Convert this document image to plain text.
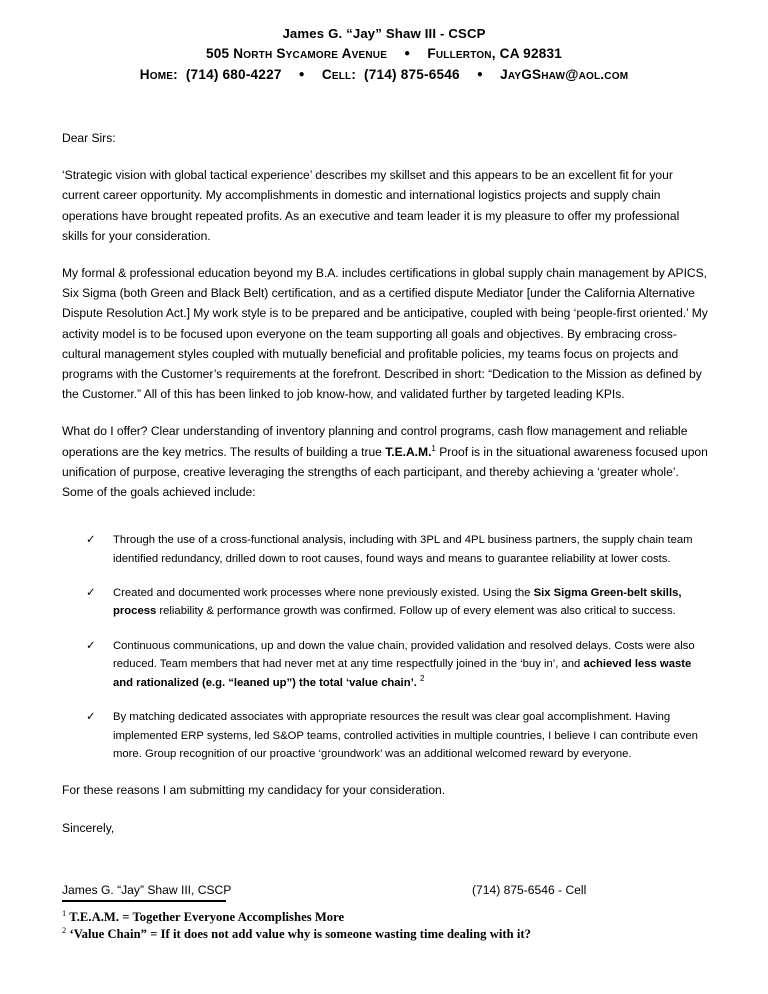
James G. “Jay” Shaw III - CSCP
505 North Sycamore Avenue ● Fullerton, CA 92831
Home: (714) 680-4227 ● Cell: (714) 875-6546 ● JayGShaw@aol.com

Dear Sirs:

‘Strategic vision with global tactical experience’ describes my skillset and this appears to be an excellent fit for your current career opportunity. My accomplishments in domestic and international logistics projects and supply chain operations have brought repeated profits. As an executive and team leader it is my pleasure to offer my professional skills for your consideration.

My formal & professional education beyond my B.A. includes certifications in global supply chain management by APICS, Six Sigma (both Green and Black Belt) certification, and as a certified dispute Mediator [under the California Alternative Dispute Resolution Act.] My work style is to be prepared and be anticipative, coupled with being ‘people-first oriented.’ My activity model is to be focused upon everyone on the team supporting all goals and objectives. By embracing cross-cultural management styles coupled with mutually beneficial and profitable policies, my teams focus on projects and programs with the Customer’s requirements at the forefront. Described in short: “Dedication to the Mission as defined by the Customer.” All of this has been linked to job know-how, and validated further by targeted leading KPIs.

What do I offer? Clear understanding of inventory planning and control programs, cash flow management and reliable operations are the key metrics. The results of building a true T.E.A.M.$^1$ Proof is in the situational awareness focused upon unification of purpose, creative leveraging the strengths of each participant, and thereby achieving a ‘greater whole’. Some of the goals achieved include:

✓ Through the use of a cross-functional analysis, including with 3PL and 4PL business partners, the supply chain team identified redundancy, drilled down to root causes, found ways and means to guarantee reliability at lower costs.
✓ Created and documented work processes where none previously existed. Using the Six Sigma Green-belt skills, process reliability & performance growth was confirmed. Follow up of every element was also critical to success.
✓ Continuous communications, up and down the value chain, provided validation and resolved delays. Costs were also reduced. Team members that had never met at any time respectfully joined in the ‘buy in’, and achieved less waste and rationalized (e.g. “leaned up”) the total ‘value chain’. $^2$
✓ By matching dedicated associates with appropriate resources the result was clear goal accomplishment. Having implemented ERP systems, led S&OP teams, controlled activities in multiple countries, I believe I can contribute even more. Group recognition of our proactive ‘groundwork’ was an additional welcomed reward by everyone.

For these reasons I am submitting my candidacy for your consideration.

Sincerely,

James G. “Jay” Shaw III, CSCP	(714) 875-6546 - Cell
$^1$ T.E.A.M. = Together Everyone Accomplishes More
$^2$ ‘Value Chain” = If it does not add value why is someone wasting time dealing with it?
